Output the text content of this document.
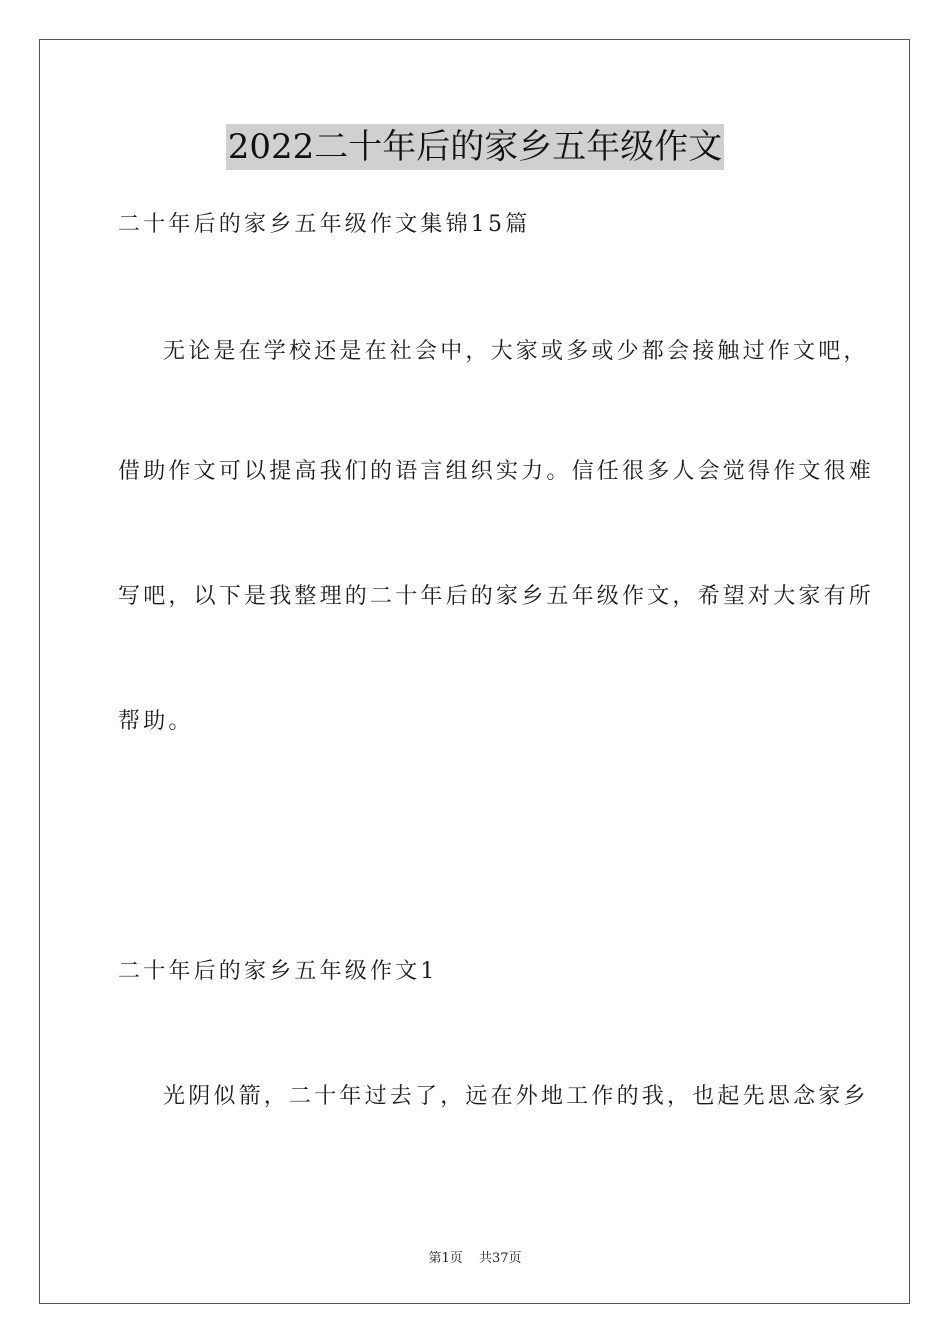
2022二十年后的家乡五年级作文
二十年后的家乡五年级作文集锦15篇
无论是在学校还是在社会中，大家或多或少都会接触过作文吧，
借助作文可以提高我们的语言组织实力。信任很多人会觉得作文很难
写吧，以下是我整理的二十年后的家乡五年级作文，希望对大家有所
帮助。
二十年后的家乡五年级作文1
光阴似箭，二十年过去了，远在外地工作的我，也起先思念家乡
第1页 共37页
